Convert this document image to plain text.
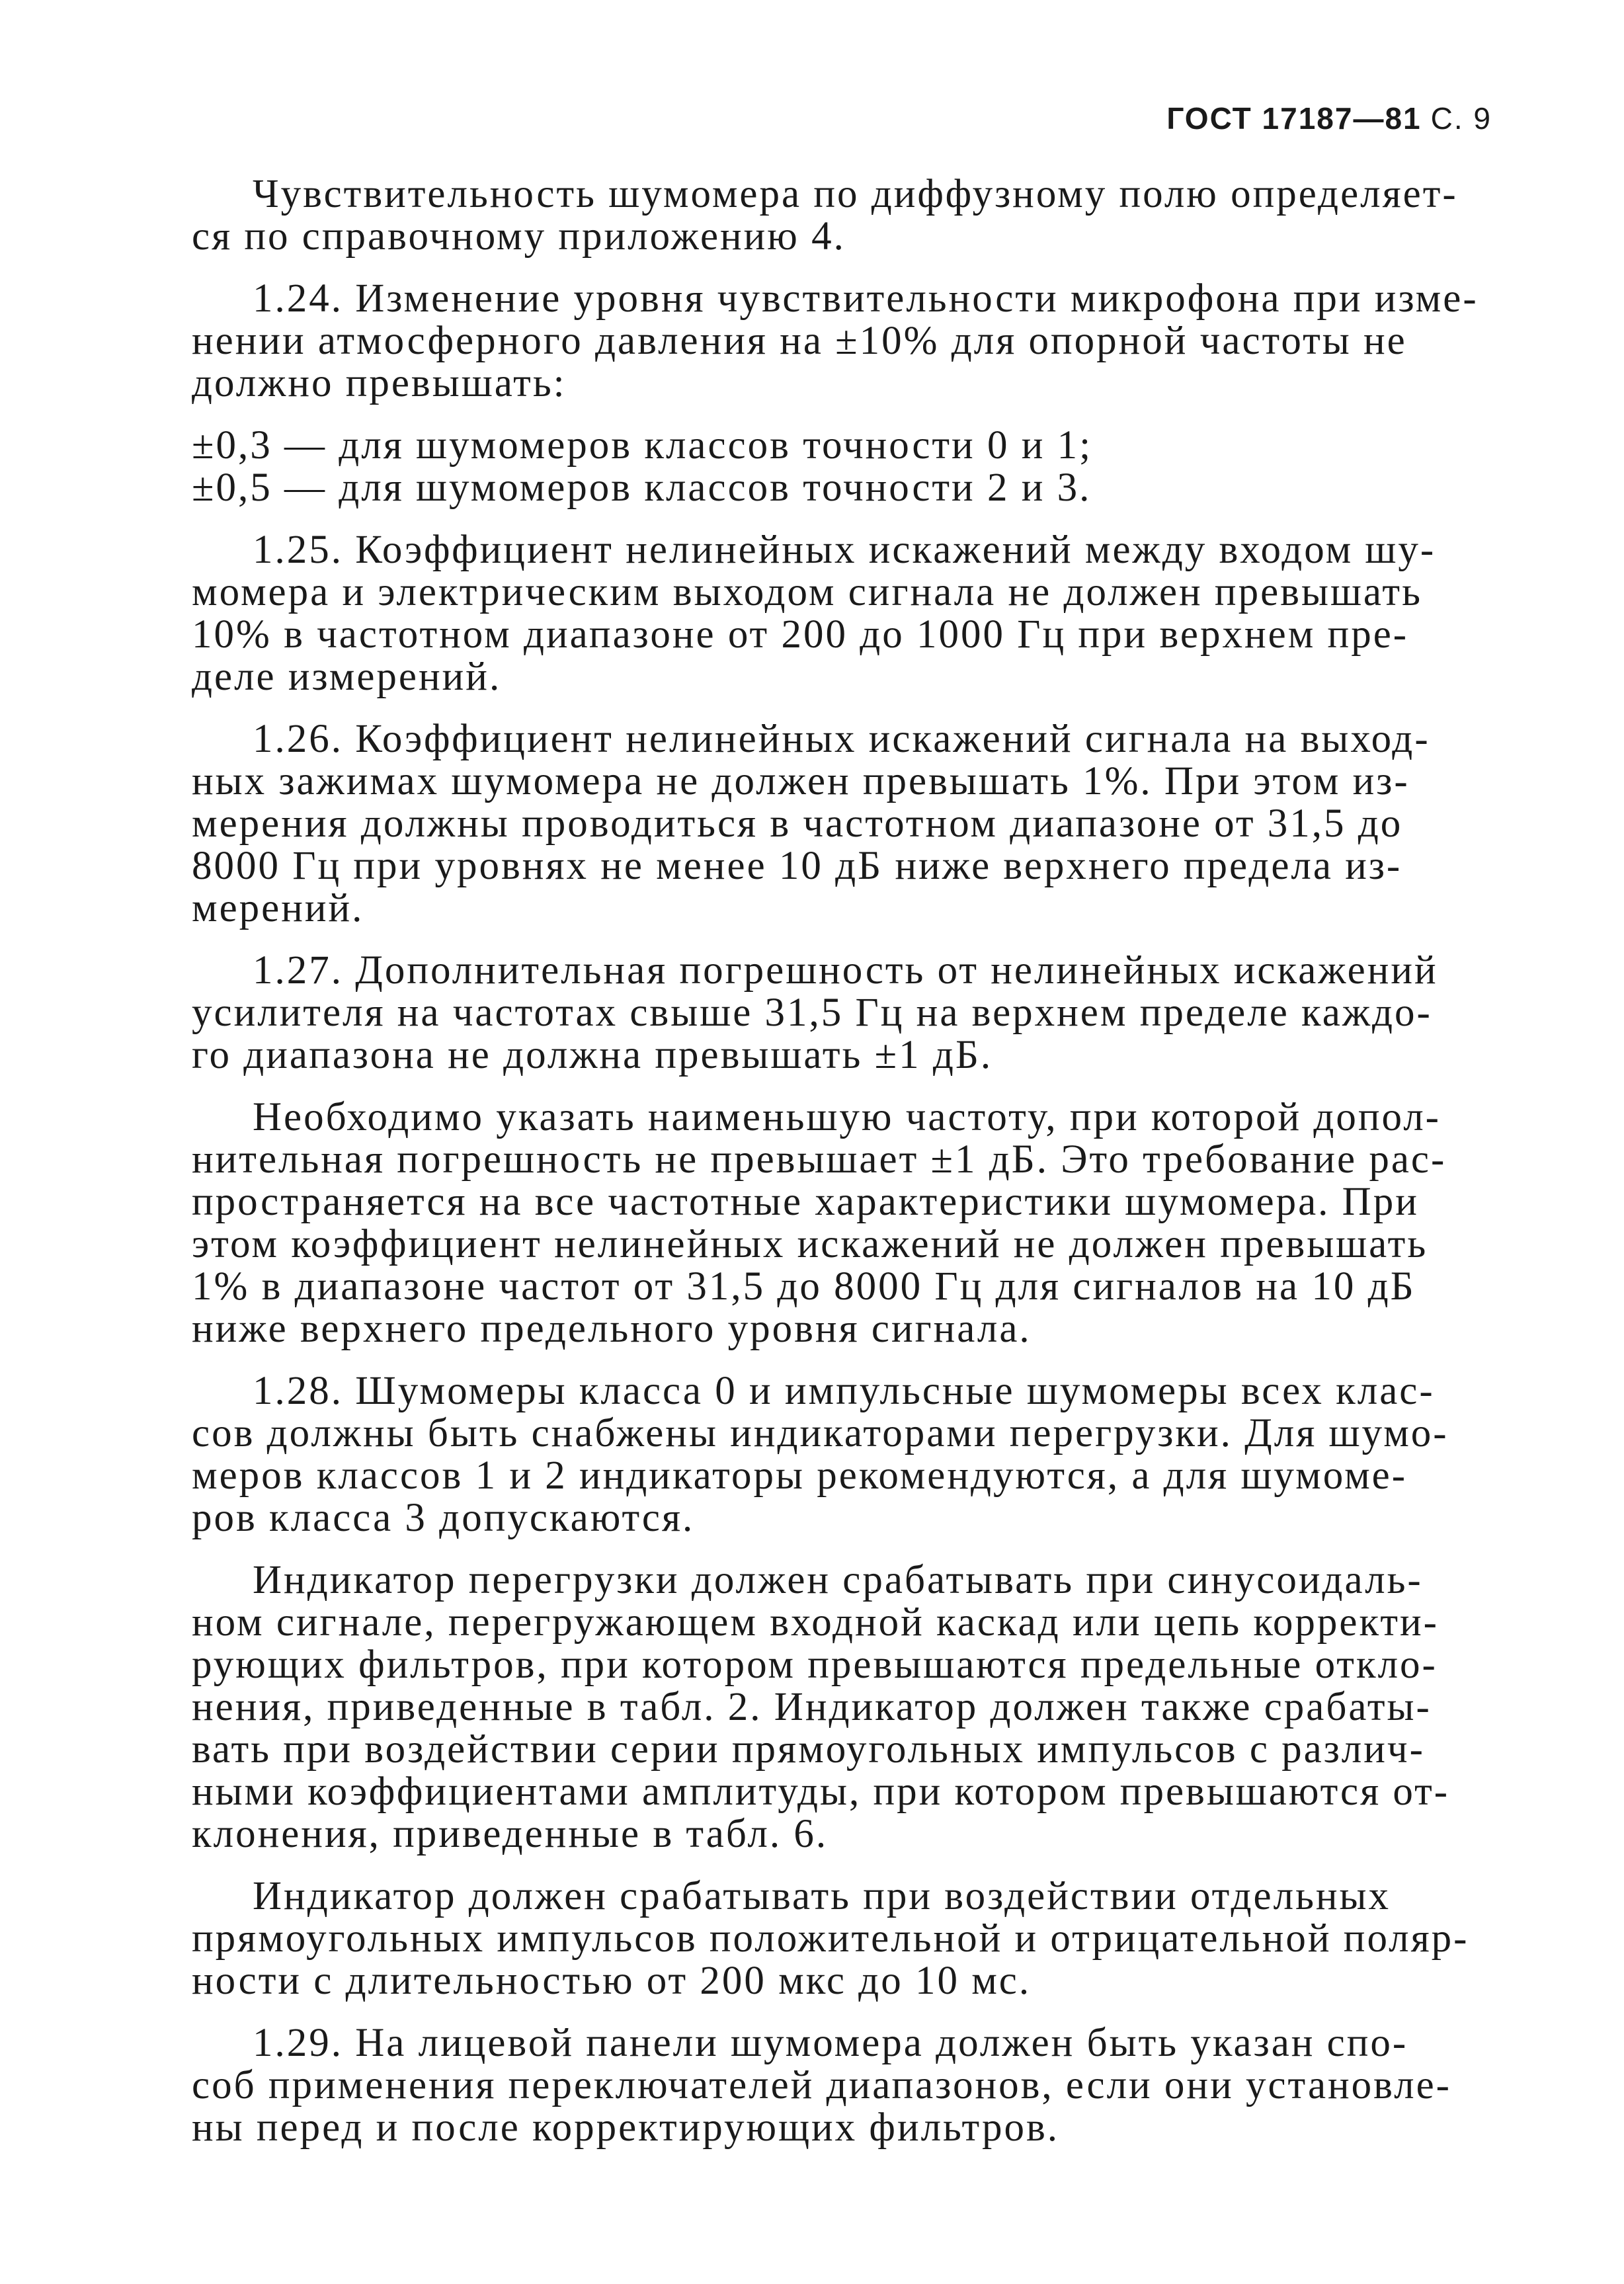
ГОСТ 17187—81 С. 9
Чувствительность шумомера по диффузному полю определяет-
ся по справочному приложению 4.
1.24. Изменение уровня чувствительности микрофона при изме-
нении атмосферного давления на ±10% для опорной частоты не
должно превышать:
±0,3 — для шумомеров классов точности 0 и 1;
±0,5 — для шумомеров классов точности 2 и 3.
1.25. Коэффициент нелинейных искажений между входом шу-
момера и электрическим выходом сигнала не должен превышать
10% в частотном диапазоне от 200 до 1000 Гц при верхнем пре-
деле измерений.
1.26. Коэффициент нелинейных искажений сигнала на выход-
ных зажимах шумомера не должен превышать 1%. При этом из-
мерения должны проводиться в частотном диапазоне от 31,5 до
8000 Гц при уровнях не менее 10 дБ ниже верхнего предела из-
мерений.
1.27. Дополнительная погрешность от нелинейных искажений
усилителя на частотах свыше 31,5 Гц на верхнем пределе каждо-
го диапазона не должна превышать ±1 дБ.
Необходимо указать наименьшую частоту, при которой допол-
нительная погрешность не превышает ±1 дБ. Это требование рас-
пространяется на все частотные характеристики шумомера. При
этом коэффициент нелинейных искажений не должен превышать
1% в диапазоне частот от 31,5 до 8000 Гц для сигналов на 10 дБ
ниже верхнего предельного уровня сигнала.
1.28. Шумомеры класса 0 и импульсные шумомеры всех клас-
сов должны быть снабжены индикаторами перегрузки. Для шумо-
меров классов 1 и 2 индикаторы рекомендуются, а для шумоме-
ров класса 3 допускаются.
Индикатор перегрузки должен срабатывать при синусоидаль-
ном сигнале, перегружающем входной каскад или цепь корректи-
рующих фильтров, при котором превышаются предельные откло-
нения, приведенные в табл. 2. Индикатор должен также срабаты-
вать при воздействии серии прямоугольных импульсов с различ-
ными коэффициентами амплитуды, при котором превышаются от-
клонения, приведенные в табл. 6.
Индикатор должен срабатывать при воздействии отдельных
прямоугольных импульсов положительной и отрицательной поляр-
ности с длительностью от 200 мкс до 10 мс.
1.29. На лицевой панели шумомера должен быть указан спо-
соб применения переключателей диапазонов, если они установле-
ны перед и после корректирующих фильтров.
